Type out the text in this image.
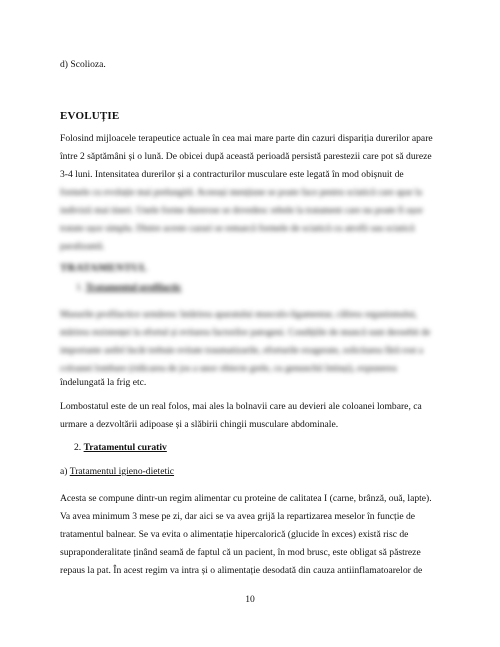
d) Scolioza.

EVOLUȚIE

Folosind mijloacele terapeutice actuale în cea mai mare parte din cazuri dispariția durerilor apare

între 2 săptămâni și o lună. De obicei după această perioadă persistă parestezii care pot să dureze

3-4 luni. Intensitatea durerilor și a contracturilor musculare este legată în mod obișnuit de

formele cu evoluție mai prelungită. Aceeași mențiune se poate face pentru sciatică care apar la

indivizii mai tineri. Unele forme durerose se dovedesc rebele la tratament care nu poate fi ușor

tratate ușor simplu. Dintre aceste cazuri se remarcă formele de sciatică cu atrofii sau sciatică

paralizantă.

TRATAMENTUL

1. Tratamentul profilactic

Masurile profilactice urmăresc întărirea aparatului musculo-ligamentar, călirea organismului,

mărirea rezistenței la efortul și evitarea factorilor patogeni. Condițiile de muncă sunt deosebit de

importante astfel încât trebuie evitate traumatizarile, eforturile exagerate, solicitarea fără rost a

coloanei lombare (ridicarea de jos a unor obiecte grele, cu genunchii întinși), expunerea

îndelungată la frig etc.

Lombostatul este de un real folos, mai ales la bolnavii care au devieri ale coloanei lombare, ca

urmare a dezvoltării adipoase și a slăbirii chingii musculare abdominale.

2. Tratamentul curativ
a) Tratamentul igieno-dietetic

Acesta se compune dintr-un regim alimentar cu proteine de calitatea I (carne, brânză, ouă, lapte).

Va avea minimum 3 mese pe zi, dar aici se va avea grijă la repartizarea meselor în funcție de

tratamentul balnear. Se va evita o alimentație hipercalorică (glucide în exces) există risc de

supraponderalitate ținând seamă de faptul că un pacient, în mod brusc, este obligat să păstreze

repaus la pat. În acest regim va intra și o alimentație desodată din cauza antiinflamatoarelor de

10
